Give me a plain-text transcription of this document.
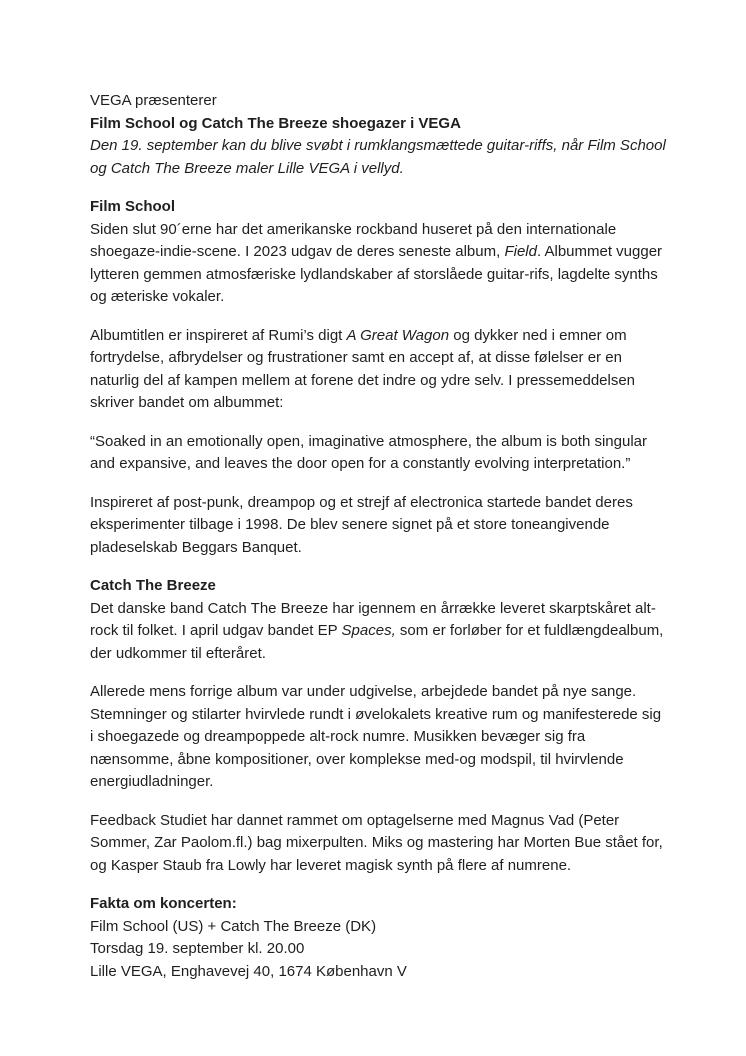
VEGA præsenterer
Film School og Catch The Breeze shoegazer i VEGA
Den 19. september kan du blive svøbt i rumklangsmættede guitar-riffs, når Film School og Catch The Breeze maler Lille VEGA i vellyd.

Film School
Siden slut 90´erne har det amerikanske rockband huseret på den internationale shoegaze-indie-scene. I 2023 udgav de deres seneste album, Field. Albummet vugger lytteren gemmen atmosfæriske lydlandskaber af storslåede guitar-rifs, lagdelte synths og æteriske vokaler.

Albumtitlen er inspireret af Rumi’s digt A Great Wagon og dykker ned i emner om fortrydelse, afbrydelser og frustrationer samt en accept af, at disse følelser er en naturlig del af kampen mellem at forene det indre og ydre selv. I pressemeddelsen skriver bandet om albummet:

“Soaked in an emotionally open, imaginative atmosphere, the album is both singular and expansive, and leaves the door open for a constantly evolving interpretation.”

Inspireret af post-punk, dreampop og et strejf af electronica startede bandet deres eksperimenter tilbage i 1998. De blev senere signet på et store toneangivende pladeselskab Beggars Banquet.

Catch The Breeze
Det danske band Catch The Breeze har igennem en årrække leveret skarptskåret alt-rock til folket. I april udgav bandet EP Spaces, som er forløber for et fuldlængdealbum, der udkommer til efteråret.

Allerede mens forrige album var under udgivelse, arbejdede bandet på nye sange. Stemninger og stilarter hvirvlede rundt i øvelokalets kreative rum og manifesterede sig i shoegazede og dreampoppede alt-rock numre. Musikken bevæger sig fra nænsomme, åbne kompositioner, over komplekse med-og modspil, til hvirvlende energiudladninger.

Feedback Studiet har dannet rammet om optagelserne med Magnus Vad (Peter Sommer, Zar Paolom.fl.) bag mixerpulten. Miks og mastering har Morten Bue stået for, og Kasper Staub fra Lowly har leveret magisk synth på flere af numrene.

Fakta om koncerten:
Film School (US) + Catch The Breeze (DK)
Torsdag 19. september kl. 20.00
Lille VEGA, Enghavevej 40, 1674 København V
